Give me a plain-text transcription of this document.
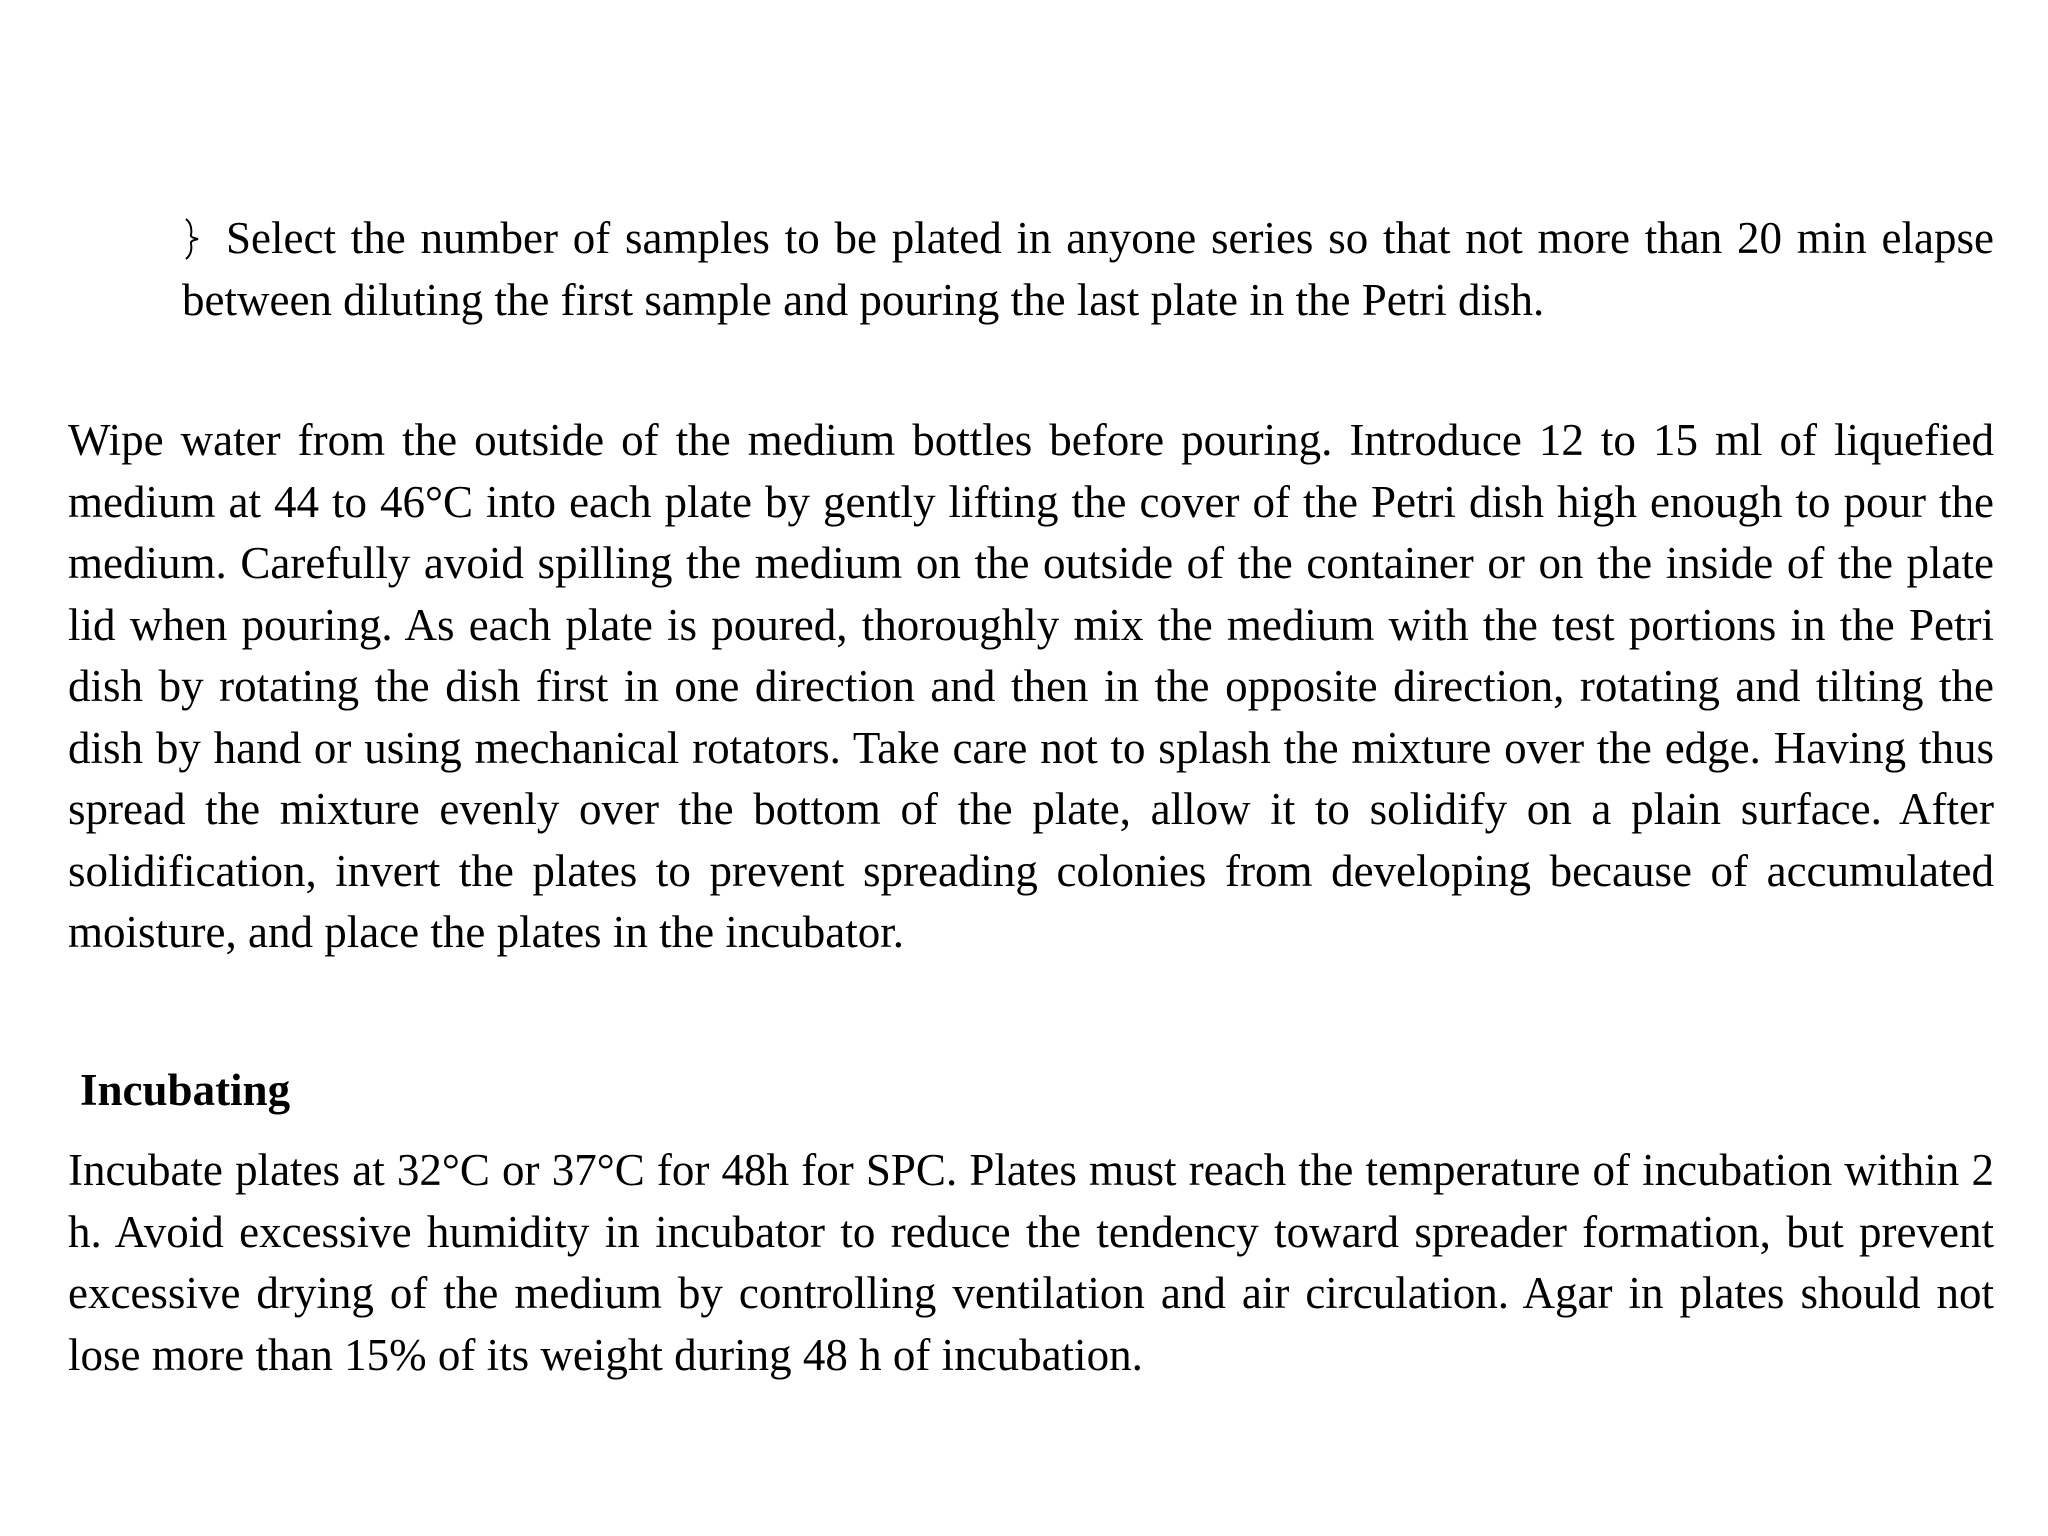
Select the number of samples to be plated in anyone series so that not more than 20 min elapse between diluting the first sample and pouring the last plate in the Petri dish.

Wipe water from the outside of the medium bottles before pouring. Introduce 12 to 15 ml of liquefied medium at 44 to 46°C into each plate by gently lifting the cover of the Petri dish high enough to pour the medium. Carefully avoid spilling the medium on the outside of the container or on the inside of the plate lid when pouring. As each plate is poured, thoroughly mix the medium with the test portions in the Petri dish by rotating the dish first in one direction and then in the opposite direction, rotating and tilting the dish by hand or using mechanical rotators. Take care not to splash the mixture over the edge. Having thus spread the mixture evenly over the bottom of the plate, allow it to solidify on a plain surface. After solidification, invert the plates to prevent spreading colonies from developing because of accumulated moisture, and place the plates in the incubator.

Incubating

Incubate plates at 32°C or 37°C for 48h for SPC. Plates must reach the temperature of incubation within 2 h. Avoid excessive humidity in incubator to reduce the tendency toward spreader formation, but prevent excessive drying of the medium by controlling ventilation and air circulation. Agar in plates should not lose more than 15% of its weight during 48 h of incubation.
